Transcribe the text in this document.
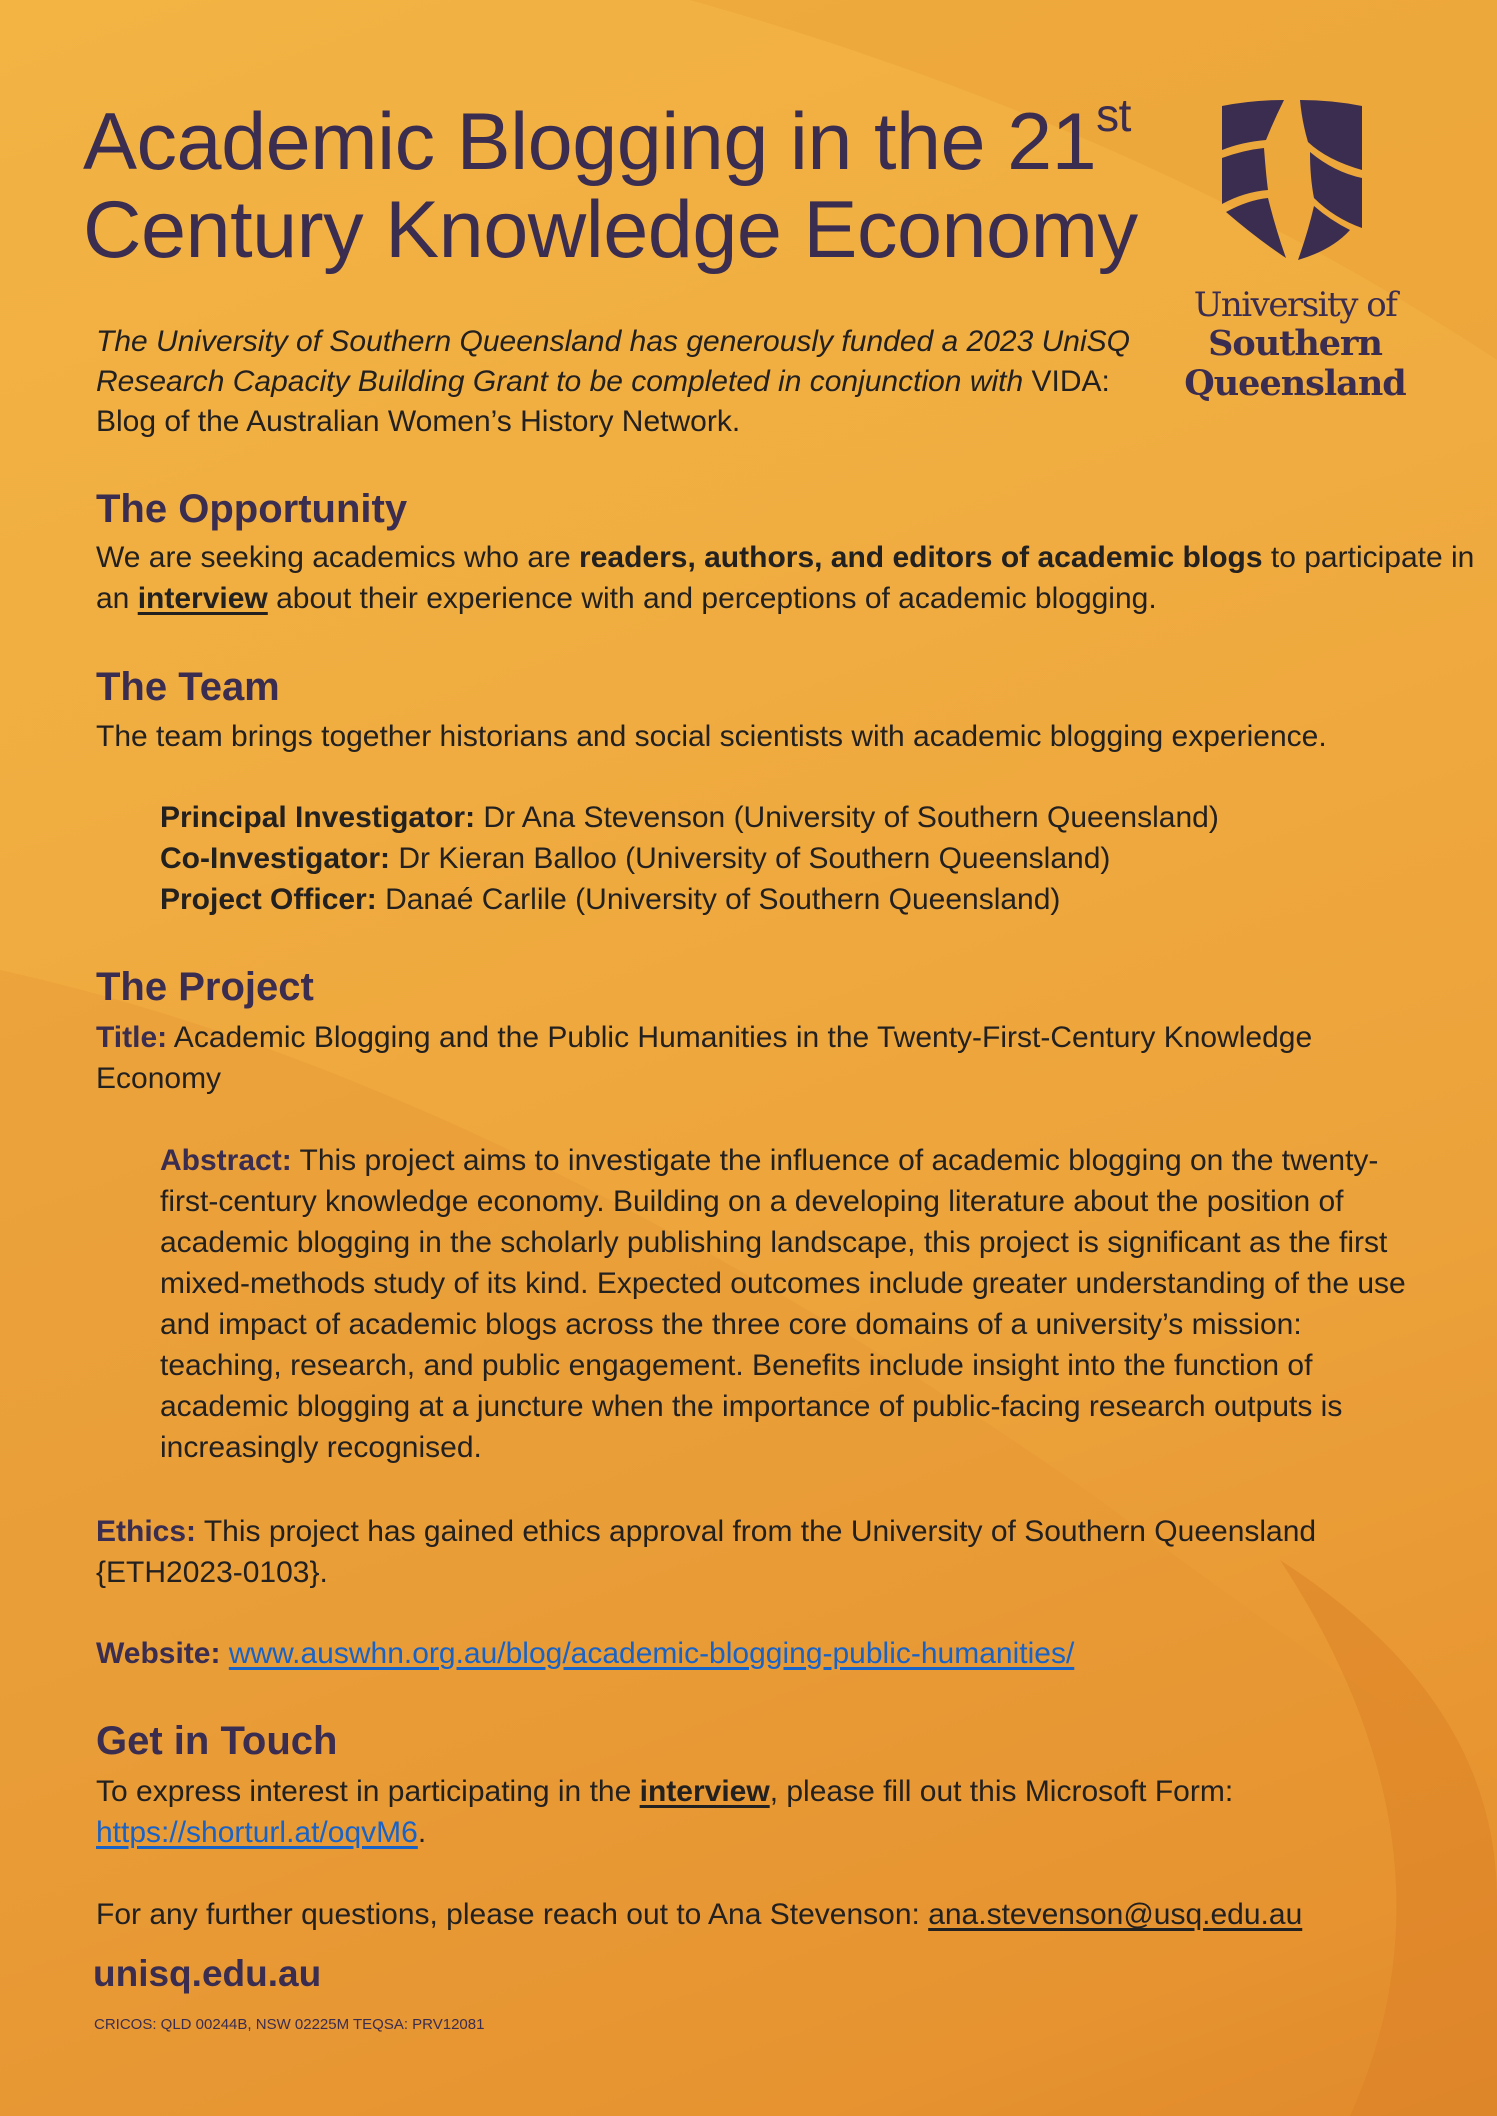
Academic Blogging in the 21st
Century Knowledge Economy
University of
Southern
Queensland

The University of Southern Queensland has generously funded a 2023 UniSQ Research Capacity Building Grant to be completed in conjunction with VIDA: Blog of the Australian Women’s History Network.

The Opportunity

We are seeking academics who are readers, authors, and editors of academic blogs to participate in an interview about their experience with and perceptions of academic blogging.

The Team

The team brings together historians and social scientists with academic blogging experience.

Principal Investigator: Dr Ana Stevenson (University of Southern Queensland)
Co-Investigator: Dr Kieran Balloo (University of Southern Queensland)
Project Officer: Danaé Carlile (University of Southern Queensland)
The Project

Title: Academic Blogging and the Public Humanities in the Twenty-First-Century Knowledge Economy

Abstract: This project aims to investigate the influence of academic blogging on the twenty-first-century knowledge economy. Building on a developing literature about the position of academic blogging in the scholarly publishing landscape, this project is significant as the first mixed-methods study of its kind. Expected outcomes include greater understanding of the use and impact of academic blogs across the three core domains of a university’s mission: teaching, research, and public engagement. Benefits include insight into the function of academic blogging at a juncture when the importance of public-facing research outputs is increasingly recognised.

Ethics: This project has gained ethics approval from the University of Southern Queensland
{ETH2023-0103}.

Website: www.auswhn.org.au/blog/academic-blogging-public-humanities/

Get in Touch

To express interest in participating in the interview, please fill out this Microsoft Form:
https://shorturl.at/oqvM6.

For any further questions, please reach out to Ana Stevenson: ana.stevenson@usq.edu.au

unisq.edu.au

CRICOS: QLD 00244B, NSW 02225M TEQSA: PRV12081
